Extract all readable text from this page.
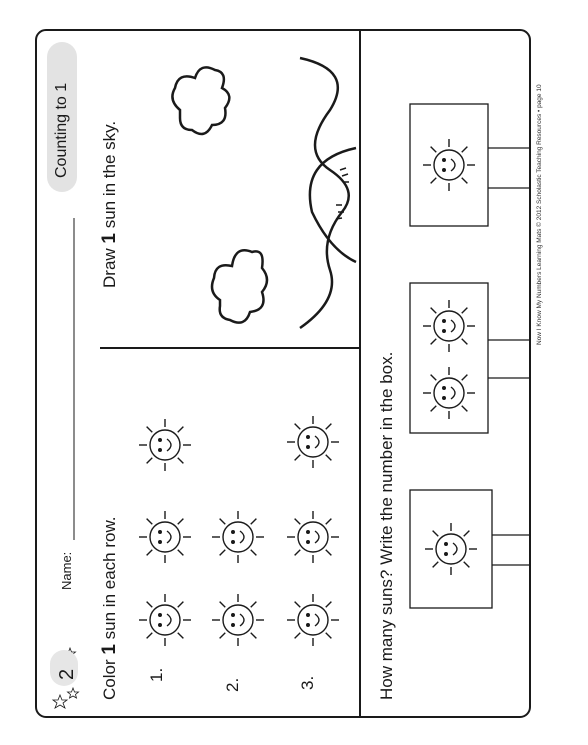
2
Name:
Counting to 1
Color 1 sun in each row.
1.
2.	3.
Draw 1 sun in the sky.
How many suns? Write the number in the box.
Now I Know My Numbers Learning Mats © 2012 Scholastic Teaching Resources • page 10
